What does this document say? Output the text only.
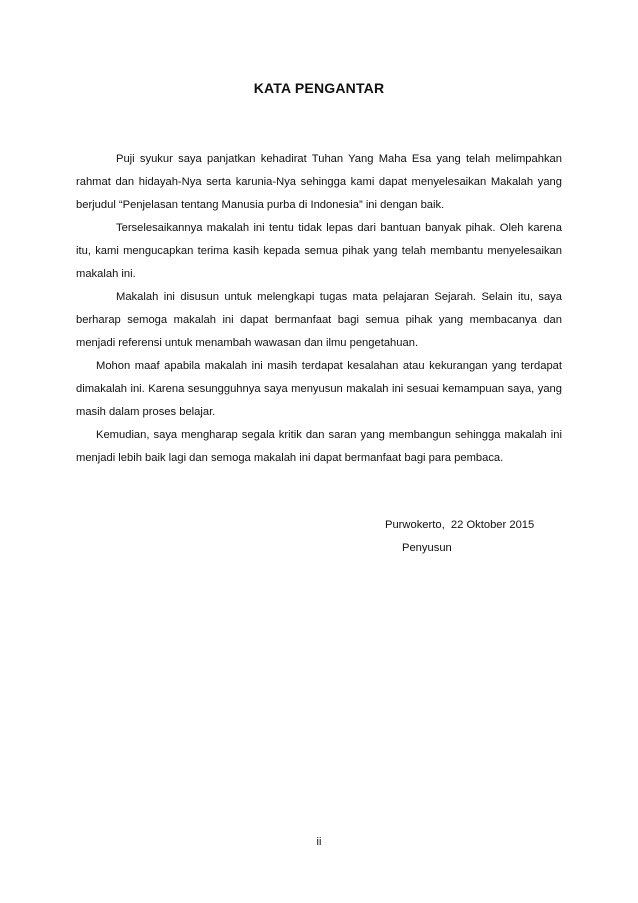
KATA PENGANTAR

Puji syukur saya panjatkan kehadirat Tuhan Yang Maha Esa yang telah melimpahkan rahmat dan hidayah-Nya serta karunia-Nya sehingga kami dapat menyelesaikan Makalah yang berjudul “Penjelasan tentang Manusia purba di Indonesia” ini dengan baik.

Terselesaikannya makalah ini tentu tidak lepas dari bantuan banyak pihak. Oleh karena itu, kami mengucapkan terima kasih kepada semua pihak yang telah membantu menyelesaikan makalah ini.

Makalah ini disusun untuk melengkapi tugas mata pelajaran Sejarah. Selain itu, saya berharap semoga makalah ini dapat bermanfaat bagi semua pihak yang membacanya dan menjadi referensi untuk menambah wawasan dan ilmu pengetahuan.

Mohon maaf apabila makalah ini masih terdapat kesalahan atau kekurangan yang terdapat dimakalah ini. Karena sesungguhnya saya menyusun makalah ini sesuai kemampuan saya, yang masih dalam proses belajar.

Kemudian, saya mengharap segala kritik dan saran yang membangun sehingga makalah ini menjadi lebih baik lagi dan semoga makalah ini dapat bermanfaat bagi para pembaca.

Purwokerto,  22 Oktober 2015
Penyusun
ii
